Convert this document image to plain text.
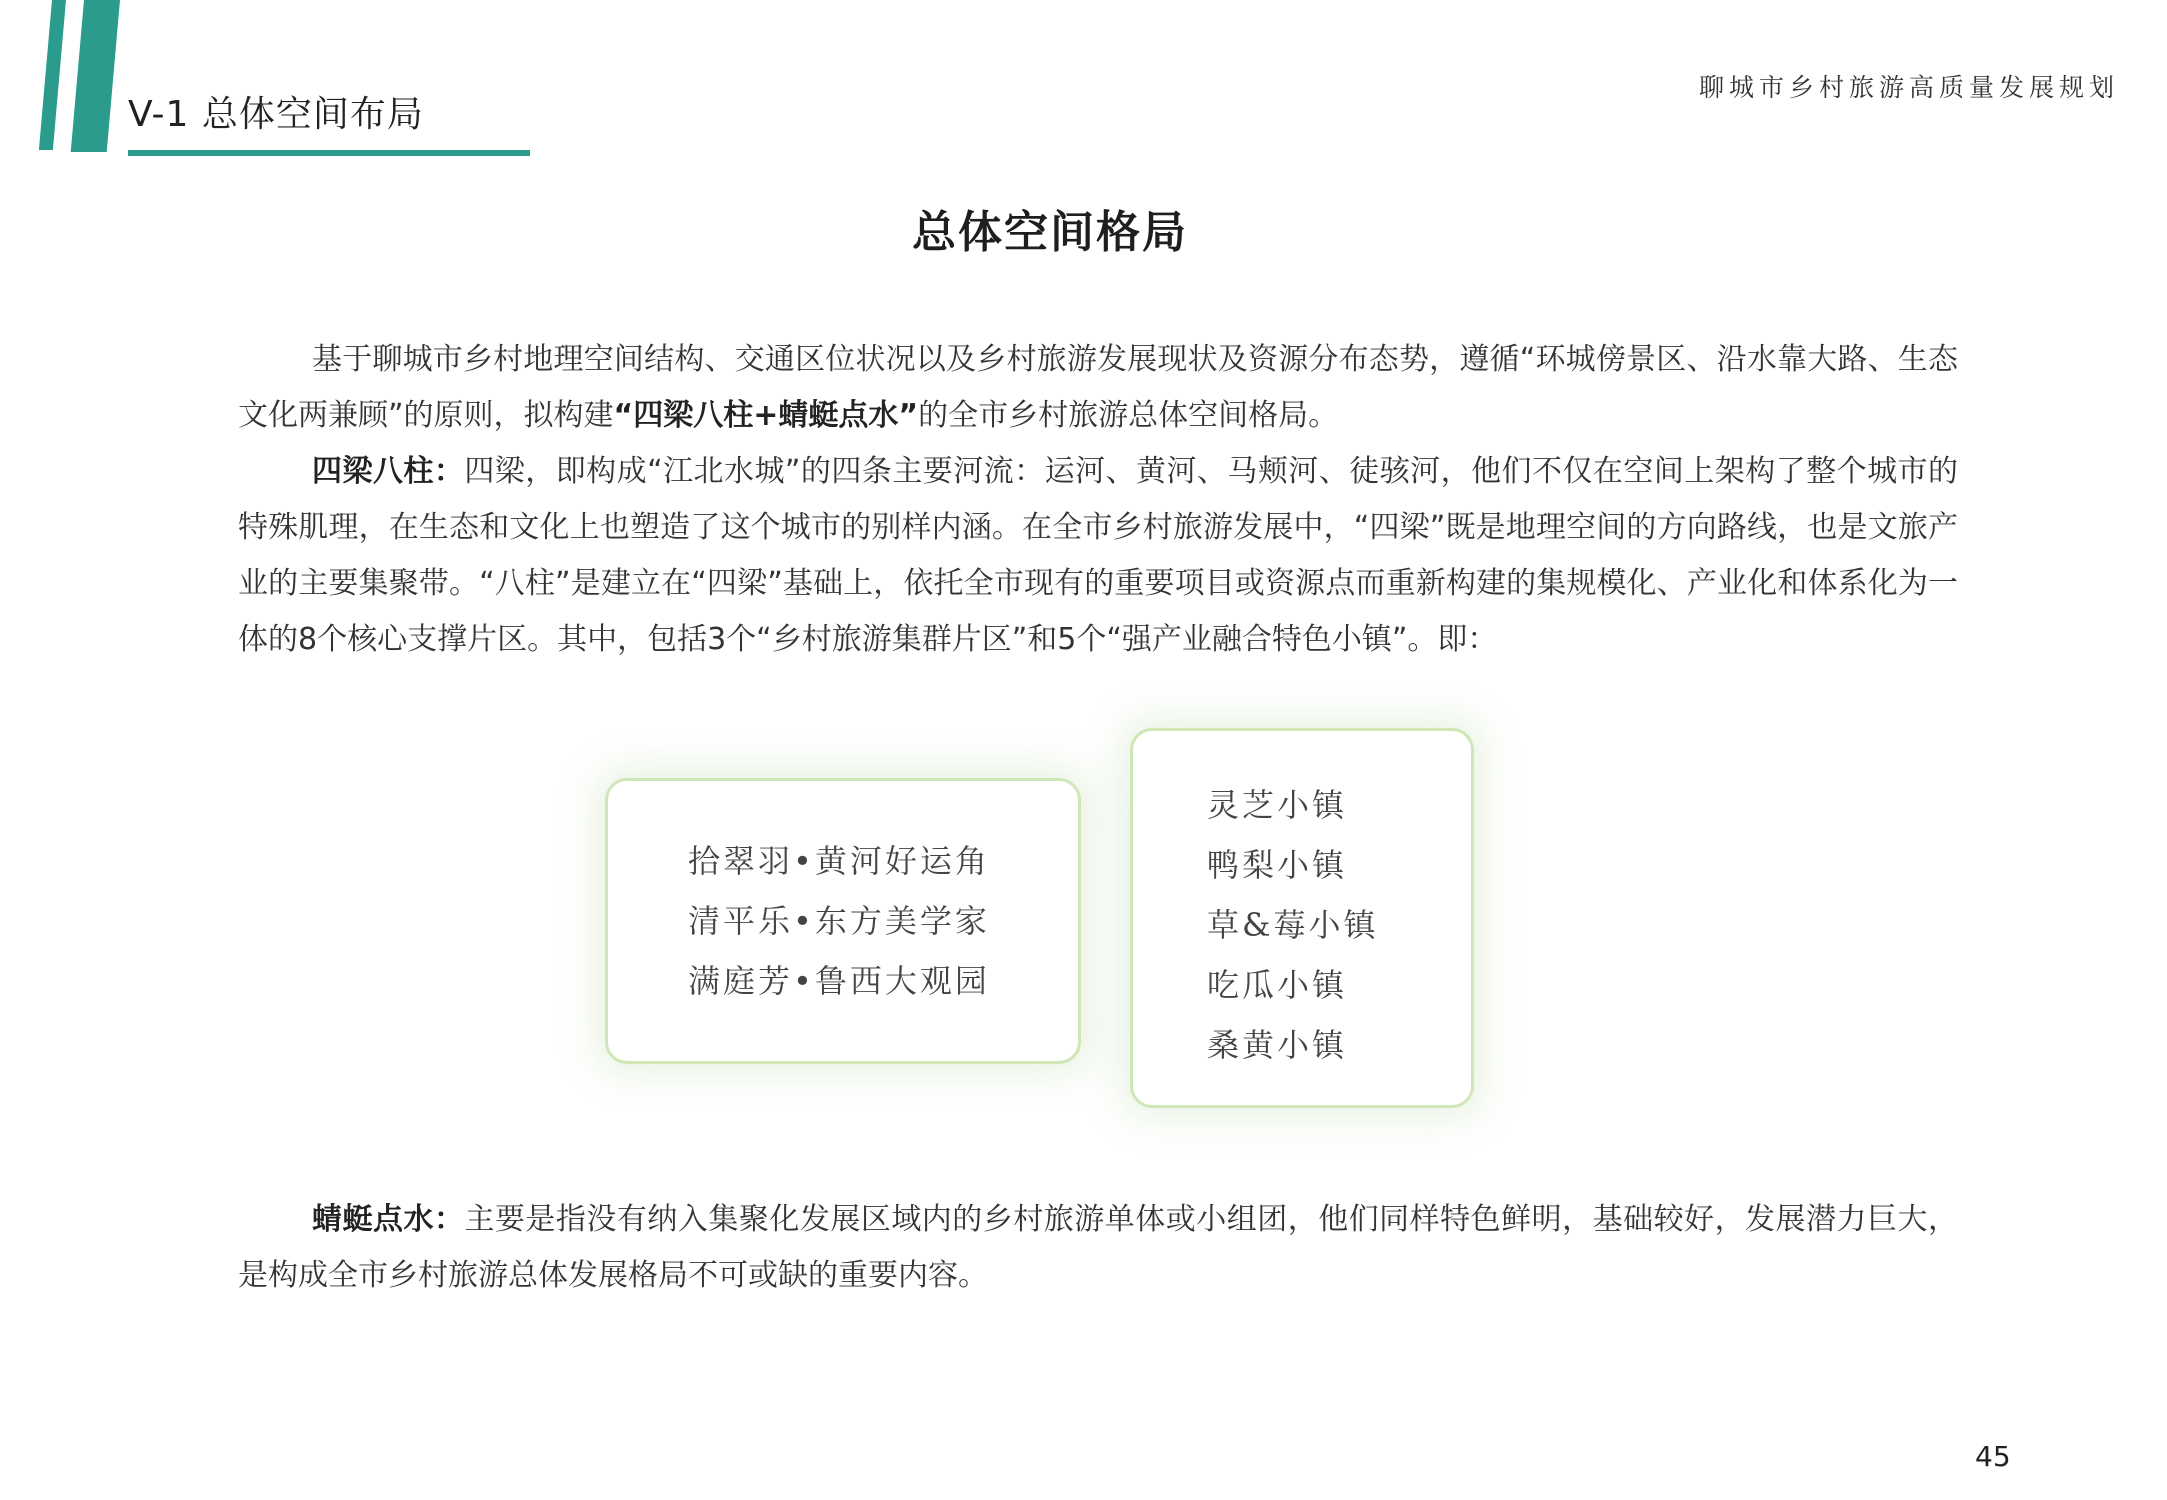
V-1 总体空间布局
聊城市乡村旅游高质量发展规划
总体空间格局
基于聊城市乡村地理空间结构、交通区位状况以及乡村旅游发展现状及资源分布态势，遵循“环城傍景区、沿水靠大路、生态文化两兼顾”的原则，拟构建“四梁八柱+蜻蜓点水”的全市乡村旅游总体空间格局。
四梁八柱：四梁，即构成“江北水城”的四条主要河流：运河、黄河、马颊河、徒骇河，他们不仅在空间上架构了整个城市的特殊肌理，在生态和文化上也塑造了这个城市的别样内涵。在全市乡村旅游发展中，“四梁”既是地理空间的方向路线，也是文旅产业的主要集聚带。“八柱”是建立在“四梁”基础上，依托全市现有的重要项目或资源点而重新构建的集规模化、产业化和体系化为一体的8个核心支撑片区。其中，包括3个“乡村旅游集群片区”和5个“强产业融合特色小镇”。即：
拾翠羽•黄河好运角
清平乐•东方美学家
满庭芳•鲁西大观园
灵芝小镇
鸭梨小镇
草&莓小镇
吃瓜小镇
桑黄小镇
蜻蜓点水：主要是指没有纳入集聚化发展区域内的乡村旅游单体或小组团，他们同样特色鲜明，基础较好，发展潜力巨大，是构成全市乡村旅游总体发展格局不可或缺的重要内容。
45
